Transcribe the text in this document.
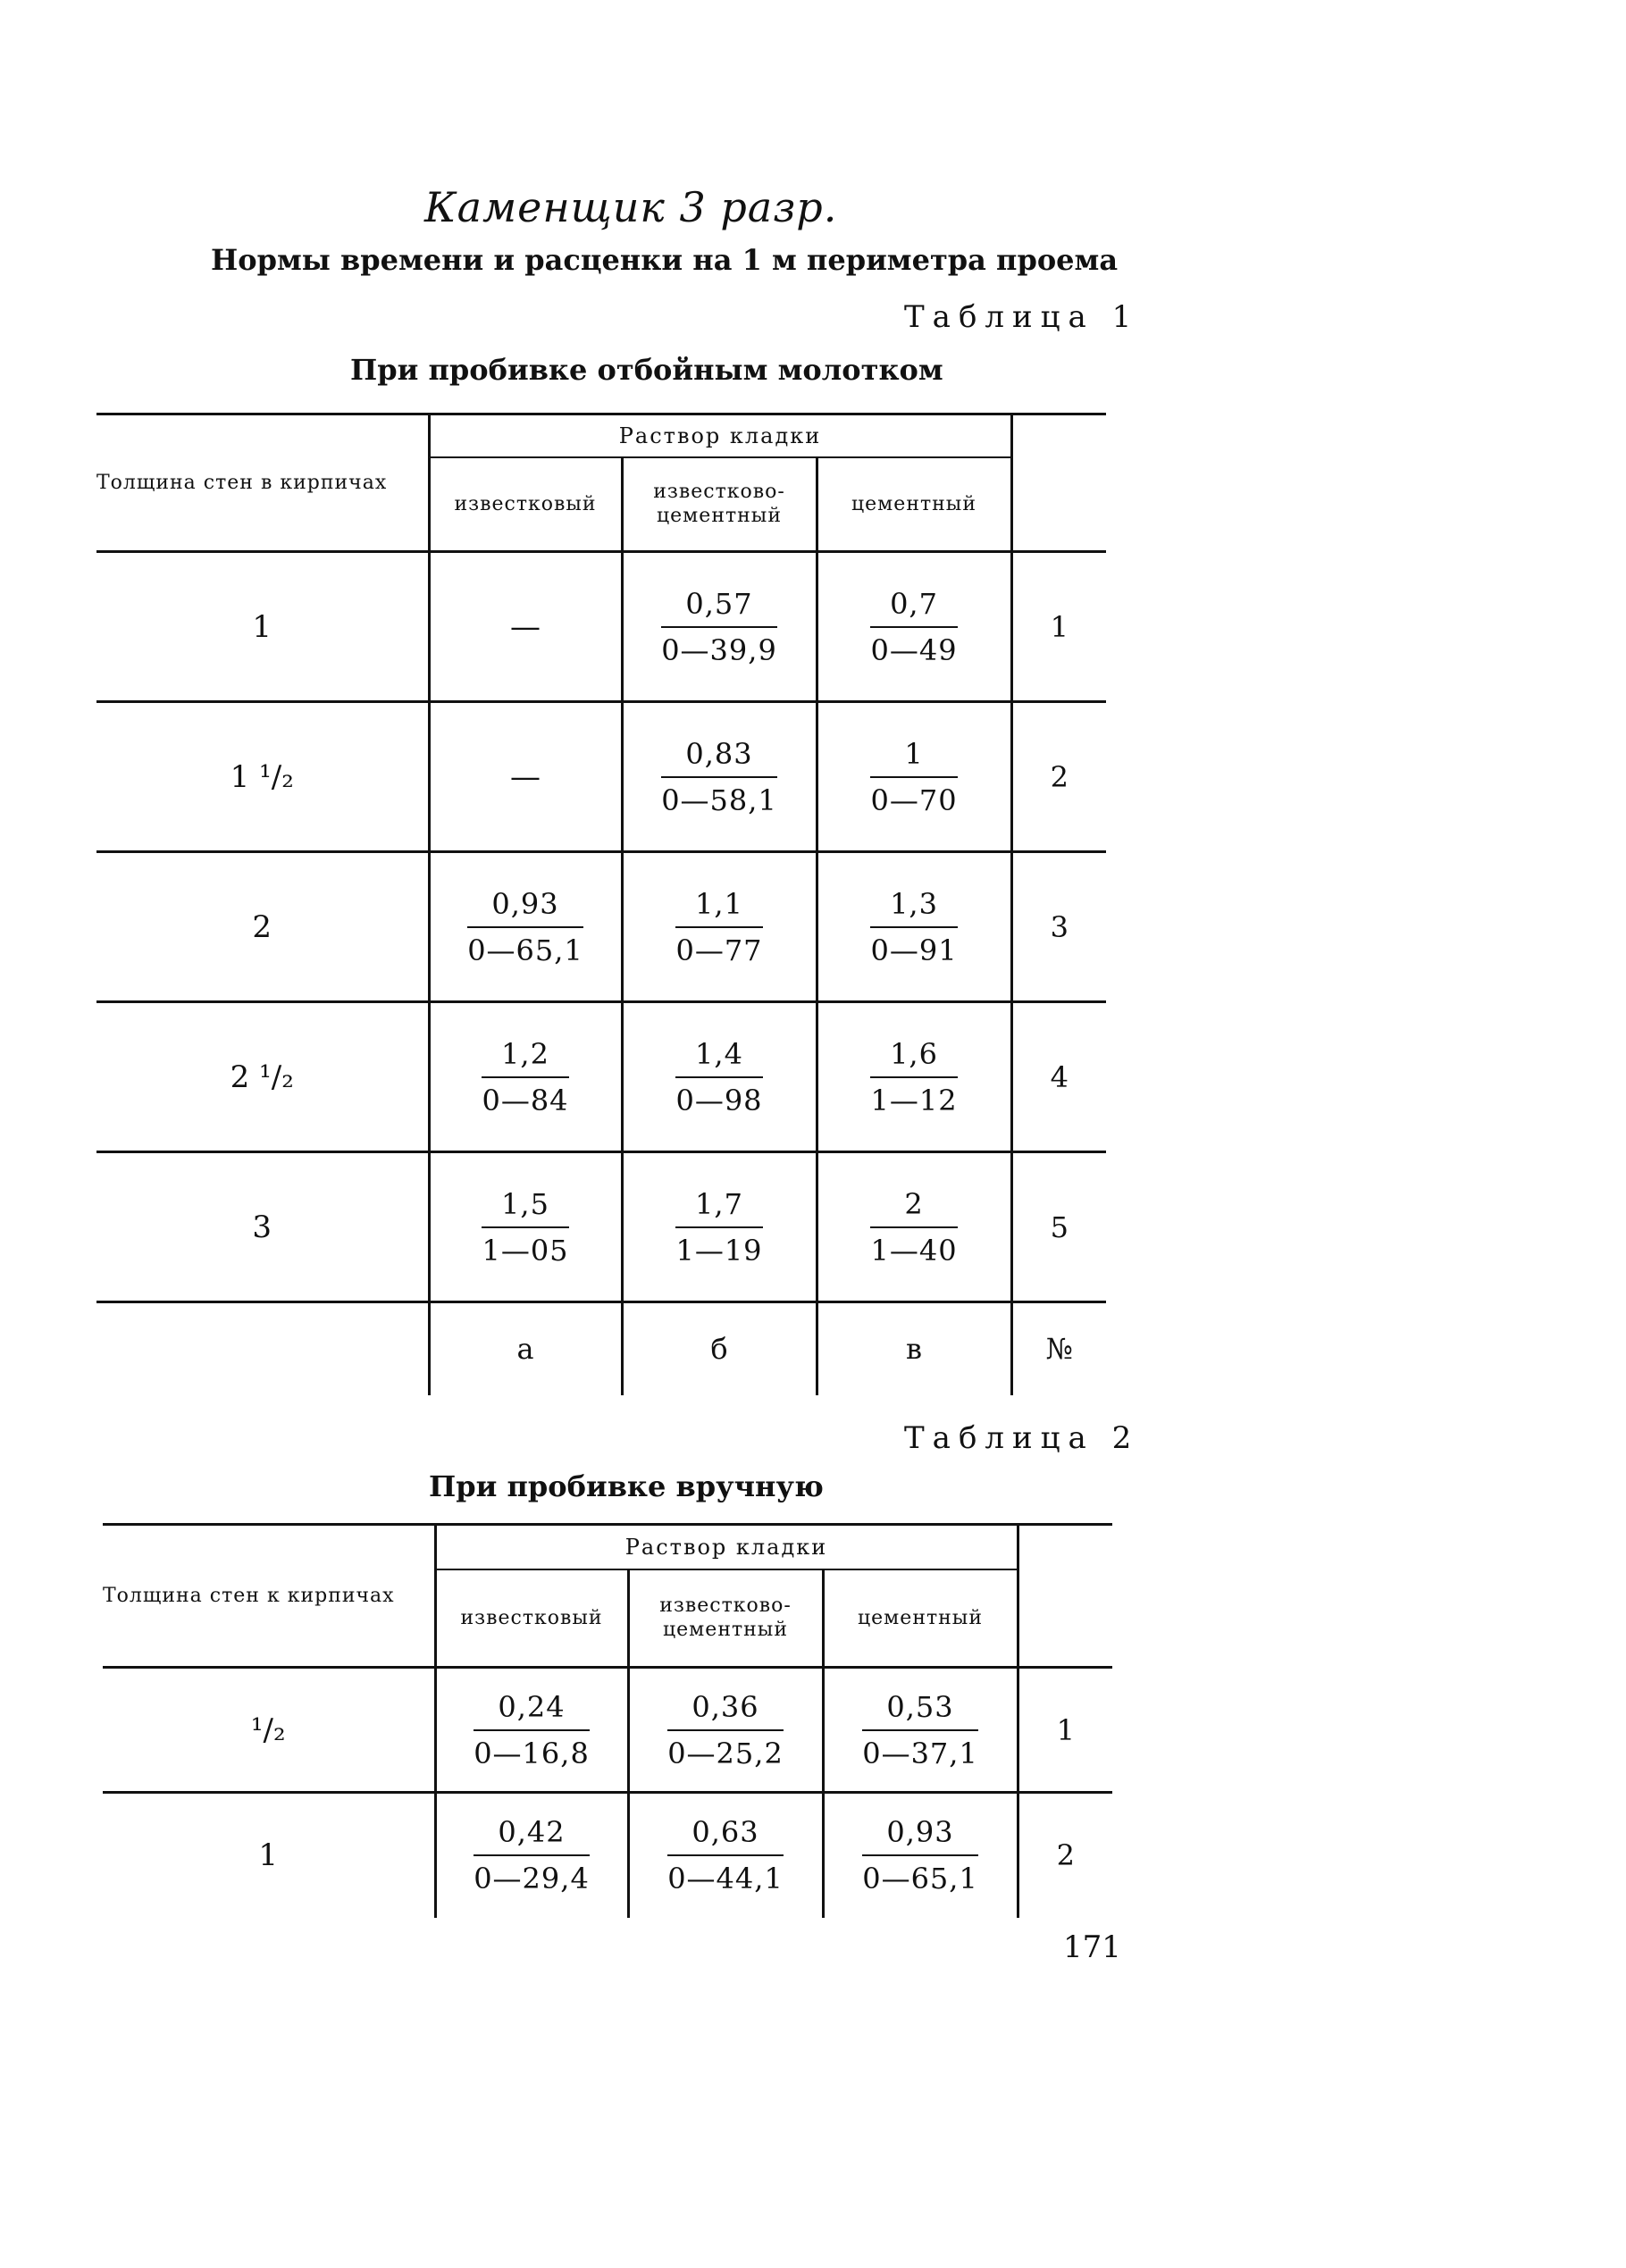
Каменщик 3 разр.
Нормы времени и расценки на 1 м периметра проема
Таблица 1
При пробивке отбойным молотком
Толщина стен в кирпичах	Раствор кладки			
	известковый	известково-цементный	цементный	
1	—	$\frac{0,57}{0—39,9}$	$\frac{0,7}{0—49}$	1
1 ¹/₂	—	$\frac{0,83}{0—58,1}$	$\frac{1}{0—70}$	2
2	$\frac{0,93}{0—65,1}$	$\frac{1,1}{0—77}$	$\frac{1,3}{0—91}$	3
2 ¹/₂	$\frac{1,2}{0—84}$	$\frac{1,4}{0—98}$	$\frac{1,6}{1—12}$	4
3	$\frac{1,5}{1—05}$	$\frac{1,7}{1—19}$	$\frac{2}{1—40}$	5
	а	б	в	№
Таблица 2
При пробивке вручную
Толщина стен к кирпичах	Раствор кладки			
	известковый	известково-цементный	цементный	
¹/₂	$\frac{0,24}{0—16,8}$	$\frac{0,36}{0—25,2}$	$\frac{0,53}{0—37,1}$	1
1	$\frac{0,42}{0—29,4}$	$\frac{0,63}{0—44,1}$	$\frac{0,93}{0—65,1}$	2
171
